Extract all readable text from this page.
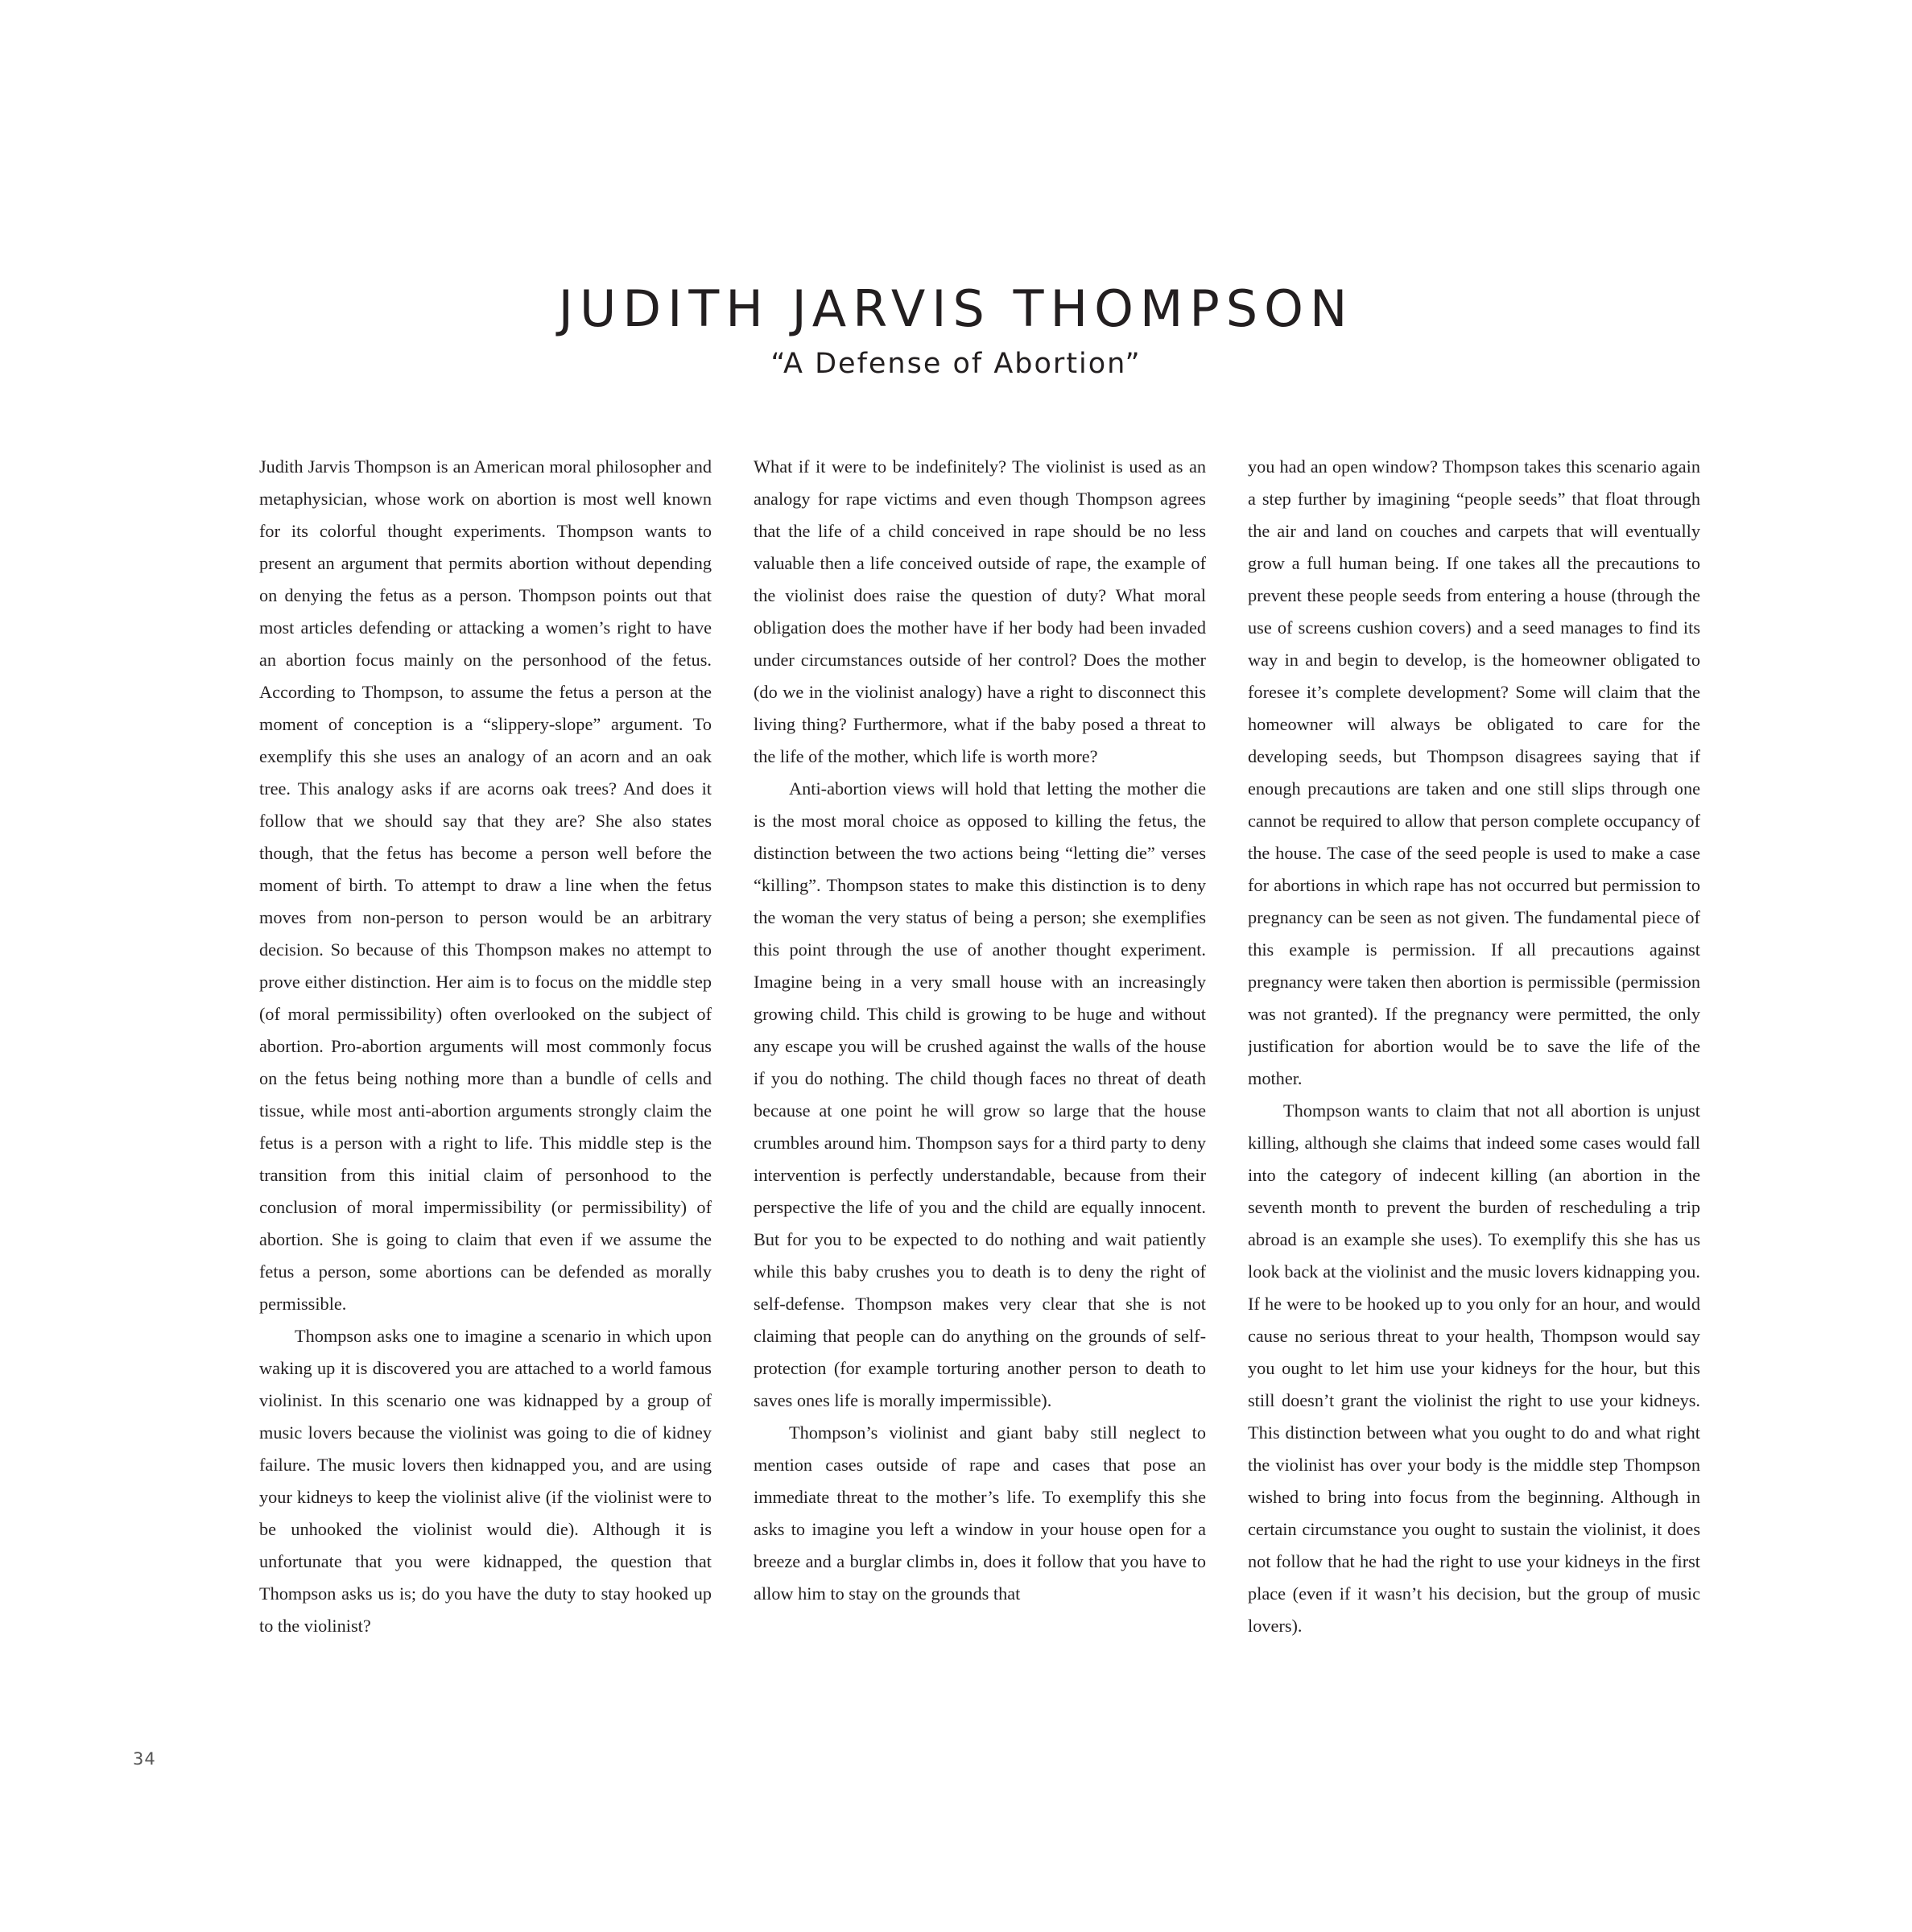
JUDITH JARVIS THOMPSON
“A Defense of Abortion”

Judith Jarvis Thompson is an American moral philosopher and metaphysician, whose work on abortion is most well known for its colorful thought experiments. Thompson wants to present an argument that permits abortion without depending on denying the fetus as a person. Thompson points out that most articles defending or attacking a women’s right to have an abortion focus mainly on the personhood of the fetus. According to Thompson, to assume the fetus a person at the moment of conception is a “slippery-slope” argument. To exemplify this she uses an analogy of an acorn and an oak tree. This analogy asks if are acorns oak trees? And does it follow that we should say that they are? She also states though, that the fetus has become a person well before the moment of birth. To attempt to draw a line when the fetus moves from non-person to person would be an arbitrary decision. So because of this Thompson makes no attempt to prove either distinction. Her aim is to focus on the middle step (of moral permissibility) often overlooked on the subject of abortion. Pro-abortion arguments will most commonly focus on the fetus being nothing more than a bundle of cells and tissue, while most anti-abortion arguments strongly claim the fetus is a person with a right to life. This middle step is the transition from this initial claim of personhood to the conclusion of moral impermissibility (or permissibility) of abortion. She is going to claim that even if we assume the fetus a person, some abortions can be defended as morally permissible.

Thompson asks one to imagine a scenario in which upon waking up it is discovered you are attached to a world famous violinist. In this scenario one was kidnapped by a group of music lovers because the violinist was going to die of kidney failure. The music lovers then kidnapped you, and are using your kidneys to keep the violinist alive (if the violinist were to be unhooked the violinist would die). Although it is unfortunate that you were kidnapped, the question that Thompson asks us is; do you have the duty to stay hooked up to the violinist?

What if it were to be indefinitely? The violinist is used as an analogy for rape victims and even though Thompson agrees that the life of a child conceived in rape should be no less valuable then a life conceived outside of rape, the example of the violinist does raise the question of duty? What moral obligation does the mother have if her body had been invaded under circumstances outside of her control? Does the mother (do we in the violinist analogy) have a right to disconnect this living thing? Furthermore, what if the baby posed a threat to the life of the mother, which life is worth more?

Anti-abortion views will hold that letting the mother die is the most moral choice as opposed to killing the fetus, the distinction between the two actions being “letting die” verses “killing”. Thompson states to make this distinction is to deny the woman the very status of being a person; she exemplifies this point through the use of another thought experiment. Imagine being in a very small house with an increasingly growing child. This child is growing to be huge and without any escape you will be crushed against the walls of the house if you do nothing. The child though faces no threat of death because at one point he will grow so large that the house crumbles around him. Thompson says for a third party to deny intervention is perfectly understandable, because from their perspective the life of you and the child are equally innocent. But for you to be expected to do nothing and wait patiently while this baby crushes you to death is to deny the right of self-defense. Thompson makes very clear that she is not claiming that people can do anything on the grounds of self-protection (for example torturing another person to death to saves ones life is morally impermissible).

Thompson’s violinist and giant baby still neglect to mention cases outside of rape and cases that pose an immediate threat to the mother’s life. To exemplify this she asks to imagine you left a window in your house open for a breeze and a burglar climbs in, does it follow that you have to allow him to stay on the grounds that

you had an open window? Thompson takes this scenario again a step further by imagining “people seeds” that float through the air and land on couches and carpets that will eventually grow a full human being. If one takes all the precautions to prevent these people seeds from entering a house (through the use of screens cushion covers) and a seed manages to find its way in and begin to develop, is the homeowner obligated to foresee it’s complete development? Some will claim that the homeowner will always be obligated to care for the developing seeds, but Thompson disagrees saying that if enough precautions are taken and one still slips through one cannot be required to allow that person complete occupancy of the house. The case of the seed people is used to make a case for abortions in which rape has not occurred but permission to pregnancy can be seen as not given. The fundamental piece of this example is permission. If all precautions against pregnancy were taken then abortion is permissible (permission was not granted). If the pregnancy were permitted, the only justification for abortion would be to save the life of the mother.

Thompson wants to claim that not all abortion is unjust killing, although she claims that indeed some cases would fall into the category of indecent killing (an abortion in the seventh month to prevent the burden of rescheduling a trip abroad is an example she uses). To exemplify this she has us look back at the violinist and the music lovers kidnapping you. If he were to be hooked up to you only for an hour, and would cause no serious threat to your health, Thompson would say you ought to let him use your kidneys for the hour, but this still doesn’t grant the violinist the right to use your kidneys. This distinction between what you ought to do and what right the violinist has over your body is the middle step Thompson wished to bring into focus from the beginning. Although in certain circumstance you ought to sustain the violinist, it does not follow that he had the right to use your kidneys in the first place (even if it wasn’t his decision, but the group of music lovers).

34
